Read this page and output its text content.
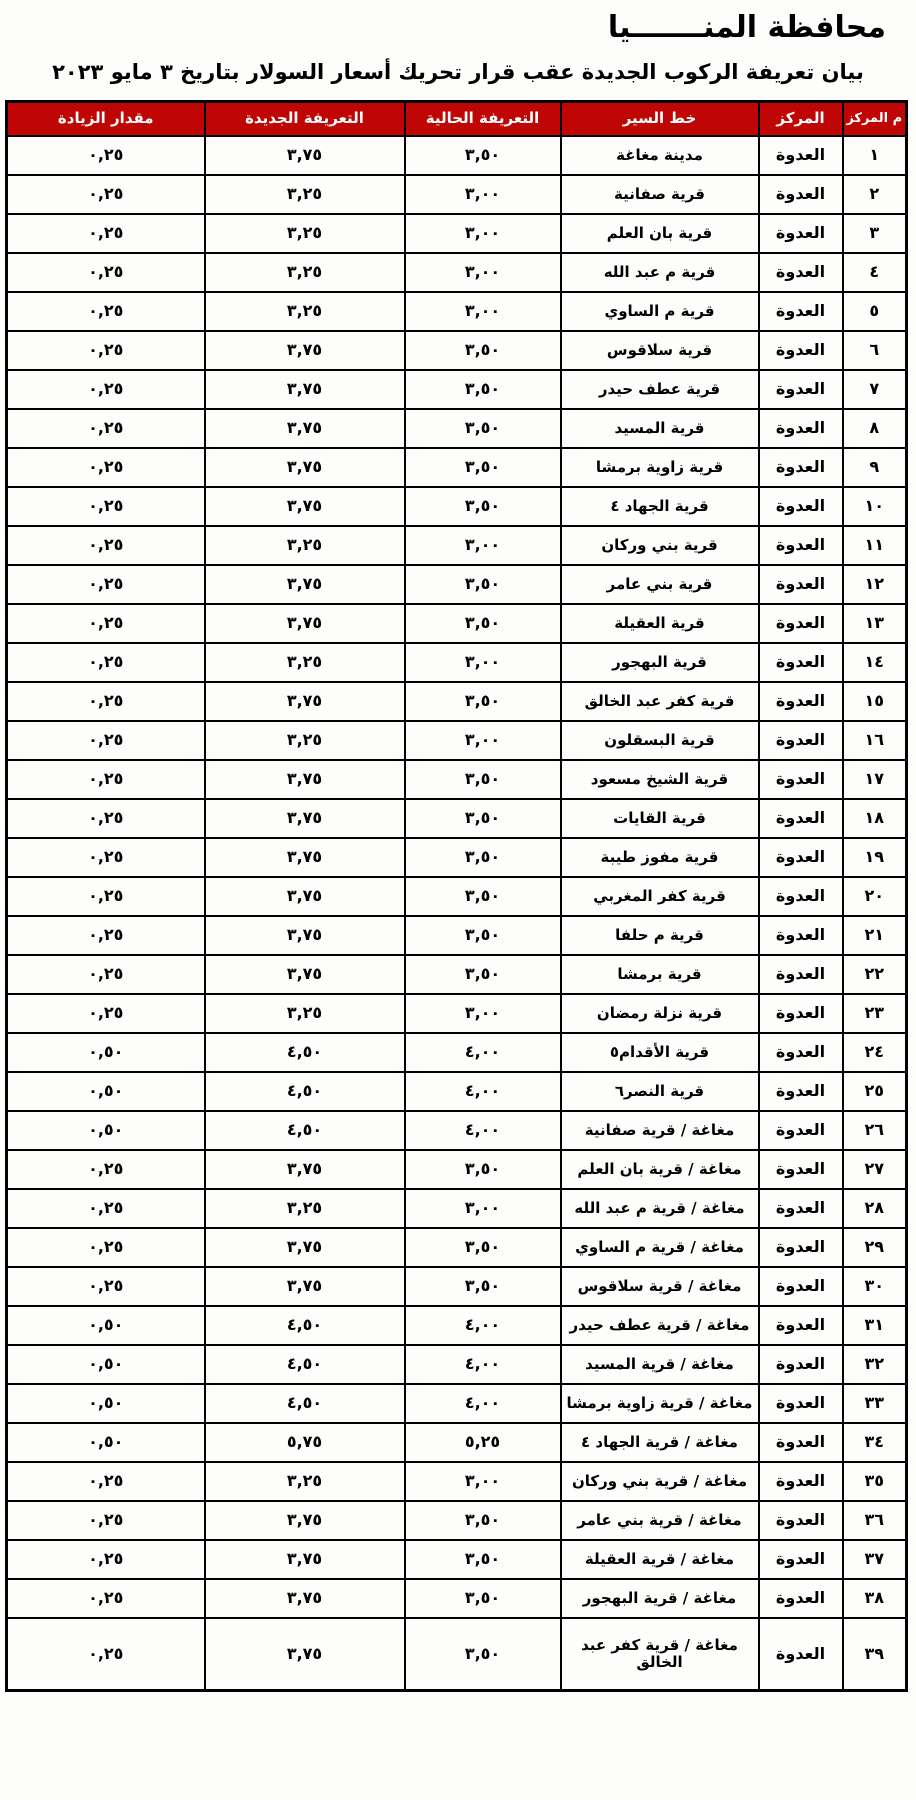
محافظة المنـــــــيا
بيان تعريفة الركوب الجديدة عقب قرار تحريك أسعار السولار بتاريخ ٣ مايو ٢٠٢٣
م المركز	المركز	خط السير	التعريفة الحالية	التعريفة الجديدة	مقدار الزيادة
١	العدوة	مدينة مغاغة	٣,٥٠	٣,٧٥	٠,٢٥
٢	العدوة	قرية صفانية	٣,٠٠	٣,٢٥	٠,٢٥
٣	العدوة	قرية بان العلم	٣,٠٠	٣,٢٥	٠,٢٥
٤	العدوة	قرية م عبد الله	٣,٠٠	٣,٢٥	٠,٢٥
٥	العدوة	قرية م الساوي	٣,٠٠	٣,٢٥	٠,٢٥
٦	العدوة	قرية سلاقوس	٣,٥٠	٣,٧٥	٠,٢٥
٧	العدوة	قرية عطف حيدر	٣,٥٠	٣,٧٥	٠,٢٥
٨	العدوة	قرية المسيد	٣,٥٠	٣,٧٥	٠,٢٥
٩	العدوة	قرية زاوية برمشا	٣,٥٠	٣,٧٥	٠,٢٥
١٠	العدوة	قرية الجهاد ٤	٣,٥٠	٣,٧٥	٠,٢٥
١١	العدوة	قرية بني وركان	٣,٠٠	٣,٢٥	٠,٢٥
١٢	العدوة	قرية بني عامر	٣,٥٠	٣,٧٥	٠,٢٥
١٣	العدوة	قرية العقيلة	٣,٥٠	٣,٧٥	٠,٢٥
١٤	العدوة	قرية البهجور	٣,٠٠	٣,٢٥	٠,٢٥
١٥	العدوة	قرية كفر عبد الخالق	٣,٥٠	٣,٧٥	٠,٢٥
١٦	العدوة	قرية البسقلون	٣,٠٠	٣,٢٥	٠,٢٥
١٧	العدوة	قرية الشيخ مسعود	٣,٥٠	٣,٧٥	٠,٢٥
١٨	العدوة	قرية القايات	٣,٥٠	٣,٧٥	٠,٢٥
١٩	العدوة	قرية مفوز طيبة	٣,٥٠	٣,٧٥	٠,٢٥
٢٠	العدوة	قرية كفر المغربي	٣,٥٠	٣,٧٥	٠,٢٥
٢١	العدوة	قرية م حلفا	٣,٥٠	٣,٧٥	٠,٢٥
٢٢	العدوة	قرية برمشا	٣,٥٠	٣,٧٥	٠,٢٥
٢٣	العدوة	قرية نزلة رمضان	٣,٠٠	٣,٢٥	٠,٢٥
٢٤	العدوة	قرية الأقدام٥	٤,٠٠	٤,٥٠	٠,٥٠
٢٥	العدوة	قرية النصر٦	٤,٠٠	٤,٥٠	٠,٥٠
٢٦	العدوة	مغاغة / قرية صفانية	٤,٠٠	٤,٥٠	٠,٥٠
٢٧	العدوة	مغاغة / قرية بان العلم	٣,٥٠	٣,٧٥	٠,٢٥
٢٨	العدوة	مغاغة / قرية م عبد الله	٣,٠٠	٣,٢٥	٠,٢٥
٢٩	العدوة	مغاغة / قرية م الساوي	٣,٥٠	٣,٧٥	٠,٢٥
٣٠	العدوة	مغاغة / قرية سلاقوس	٣,٥٠	٣,٧٥	٠,٢٥
٣١	العدوة	مغاغة / قرية عطف حيدر	٤,٠٠	٤,٥٠	٠,٥٠
٣٢	العدوة	مغاغة / قرية المسيد	٤,٠٠	٤,٥٠	٠,٥٠
٣٣	العدوة	مغاغة / قرية زاوية برمشا	٤,٠٠	٤,٥٠	٠,٥٠
٣٤	العدوة	مغاغة / قرية الجهاد ٤	٥,٢٥	٥,٧٥	٠,٥٠
٣٥	العدوة	مغاغة / قرية بني وركان	٣,٠٠	٣,٢٥	٠,٢٥
٣٦	العدوة	مغاغة / قرية بني عامر	٣,٥٠	٣,٧٥	٠,٢٥
٣٧	العدوة	مغاغة / قرية العقيلة	٣,٥٠	٣,٧٥	٠,٢٥
٣٨	العدوة	مغاغة / قرية البهجور	٣,٥٠	٣,٧٥	٠,٢٥
٣٩	العدوة	مغاغة / قرية كفر عبد الخالق	٣,٥٠	٣,٧٥	٠,٢٥
